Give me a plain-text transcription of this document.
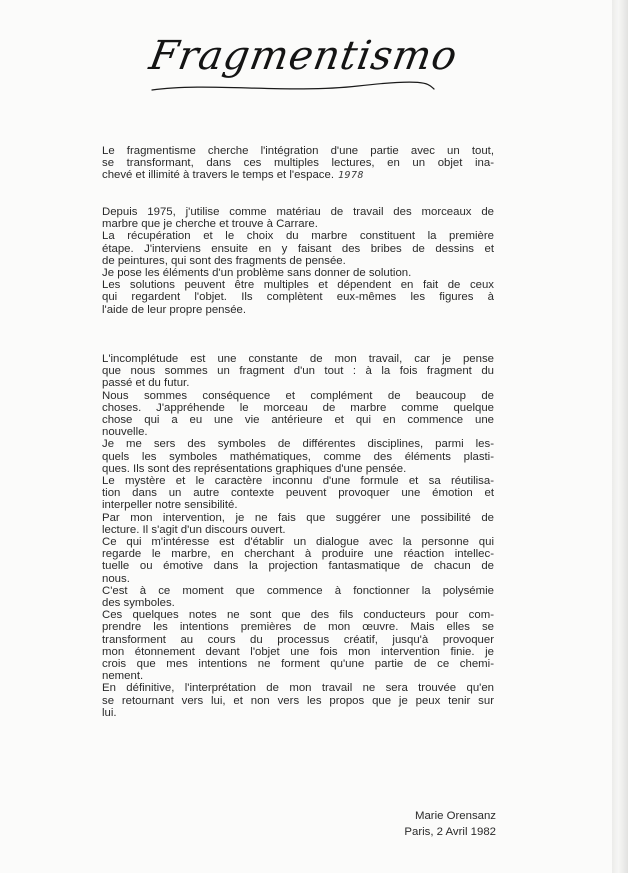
Fragmentismo
Le fragmentisme cherche l'intégration d'une partie avec un tout,
se transformant, dans ces multiples lectures, en un objet ina-
chevé et illimité à travers le temps et l'espace. 1978
Depuis 1975, j'utilise comme matériau de travail des morceaux de
marbre que je cherche et trouve à Carrare.
La récupération et le choix du marbre constituent la première
étape. J'interviens ensuite en y faisant des bribes de dessins et
de peintures, qui sont des fragments de pensée.
Je pose les éléments d'un problème sans donner de solution.
Les solutions peuvent être multiples et dépendent en fait de ceux
qui regardent l'objet. Ils complètent eux-mêmes les figures à
l'aide de leur propre pensée.
L'incomplétude est une constante de mon travail, car je pense
que nous sommes un fragment d'un tout : à la fois fragment du
passé et du futur.
Nous sommes conséquence et complément de beaucoup de
choses. J'appréhende le morceau de marbre comme quelque
chose qui a eu une vie antérieure et qui en commence une
nouvelle.
Je me sers des symboles de différentes disciplines, parmi les-
quels les symboles mathématiques, comme des éléments plasti-
ques. Ils sont des représentations graphiques d'une pensée.
Le mystère et le caractère inconnu d'une formule et sa réutilisa-
tion dans un autre contexte peuvent provoquer une émotion et
interpeller notre sensibilité.
Par mon intervention, je ne fais que suggérer une possibilité de
lecture. Il s'agit d'un discours ouvert.
Ce qui m'intéresse est d'établir un dialogue avec la personne qui
regarde le marbre, en cherchant à produire une réaction intellec-
tuelle ou émotive dans la projection fantasmatique de chacun de
nous.
C'est à ce moment que commence à fonctionner la polysémie
des symboles.
Ces quelques notes ne sont que des fils conducteurs pour com-
prendre les intentions premières de mon œuvre. Mais elles se
transforment au cours du processus créatif, jusqu'à provoquer
mon étonnement devant l'objet une fois mon intervention finie. je
crois que mes intentions ne forment qu'une partie de ce chemi-
nement.
En définitive, l'interprétation de mon travail ne sera trouvée qu'en
se retournant vers lui, et non vers les propos que je peux tenir sur
lui.
Marie Orensanz
Paris, 2 Avril 1982
